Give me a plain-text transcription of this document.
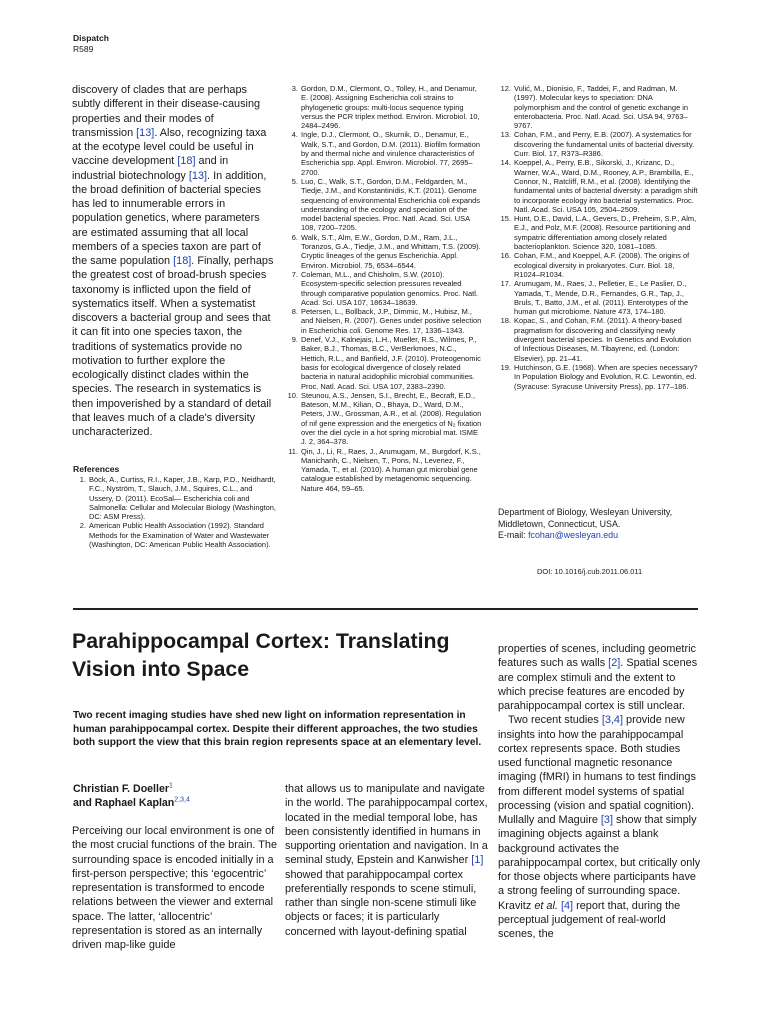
Dispatch
R589

discovery of clades that are perhaps subtly different in their disease-causing properties and their modes of transmission [13]. Also, recognizing taxa at the ecotype level could be useful in vaccine development [18] and in industrial biotechnology [13]. In addition, the broad definition of bacterial species has led to innumerable errors in population genetics, where parameters are estimated assuming that all local members of a species taxon are part of the same population [18]. Finally, perhaps the greatest cost of broad-brush species taxonomy is inflicted upon the field of systematics itself. When a systematist discovers a bacterial group and sees that it can fit into one species taxon, the traditions of systematics provide no motivation to further explore the ecologically distinct clades within the species. The research in systematics is then impoverished by a standard of detail that leaves much of a clade's diversity uncharacterized.

References
1. Böck, A., Curtiss, R.I., Kaper, J.B., Karp, P.D., Neidhardt, F.C., Nyström, T., Slauch, J.M., Squires, C.L., and Ussery, D. (2011). EcoSal— Escherichia coli and Salmonella: Cellular and Molecular Biology (Washington, DC: ASM Press).
2. American Public Health Association (1992). Standard Methods for the Examination of Water and Wastewater (Washington, DC: American Public Health Association).
3. Gordon, D.M., Clermont, O., Tolley, H., and Denamur, E. (2008). Assigning Escherichia coli strains to phylogenetic groups: multi-locus sequence typing versus the PCR triplex method. Environ. Microbiol. 10, 2484–2496.
4. Ingle, D.J., Clermont, O., Skurnik, D., Denamur, E., Walk, S.T., and Gordon, D.M. (2011). Biofilm formation by and thermal niche and virulence characteristics of Escherichia spp. Appl. Environ. Microbiol. 77, 2695–2700.
5. Luo, C., Walk, S.T., Gordon, D.M., Feldgarden, M., Tiedje, J.M., and Konstantinidis, K.T. (2011). Genome sequencing of environmental Escherichia coli expands understanding of the ecology and speciation of the model bacterial species. Proc. Natl. Acad. Sci. USA 108, 7200–7205.
6. Walk, S.T., Alm, E.W., Gordon, D.M., Ram, J.L., Toranzos, G.A., Tiedje, J.M., and Whittam, T.S. (2009). Cryptic lineages of the genus Escherichia. Appl. Environ. Microbiol. 75, 6534–6544.
7. Coleman, M.L., and Chisholm, S.W. (2010). Ecosystem-specific selection pressures revealed through comparative population genomics. Proc. Natl. Acad. Sci. USA 107, 18634–18639.
8. Petersen, L., Bollback, J.P., Dimmic, M., Hubisz, M., and Nielsen, R. (2007). Genes under positive selection in Escherichia coli. Genome Res. 17, 1336–1343.
9. Denef, V.J., Kalnejais, L.H., Mueller, R.S., Wilmes, P., Baker, B.J., Thomas, B.C., VerBerkmoes, N.C., Hettich, R.L., and Banfield, J.F. (2010). Proteogenomic basis for ecological divergence of closely related bacteria in natural acidophilic microbial communities. Proc. Natl. Acad. Sci. USA 107, 2383–2390.
10. Steunou, A.S., Jensen, S.I., Brecht, E., Becraft, E.D., Bateson, M.M., Kilian, O., Bhaya, D., Ward, D.M., Peters, J.W., Grossman, A.R., et al. (2008). Regulation of nif gene expression and the energetics of N₂ fixation over the diel cycle in a hot spring microbial mat. ISME J. 2, 364–378.
11. Qin, J., Li, R., Raes, J., Arumugam, M., Burgdorf, K.S., Manichanh, C., Nielsen, T., Pons, N., Levenez, F., Yamada, T., et al. (2010). A human gut microbial gene catalogue established by metagenomic sequencing. Nature 464, 59–65.
12. Vulić, M., Dionisio, F., Taddei, F., and Radman, M. (1997). Molecular keys to speciation: DNA polymorphism and the control of genetic exchange in enterobacteria. Proc. Natl. Acad. Sci. USA 94, 9763–9767.
13. Cohan, F.M., and Perry, E.B. (2007). A systematics for discovering the fundamental units of bacterial diversity. Curr. Biol. 17, R373–R386.
14. Koeppel, A., Perry, E.B., Sikorski, J., Krizanc, D., Warner, W.A., Ward, D.M., Rooney, A.P., Brambilla, E., Connor, N., Ratcliff, R.M., et al. (2008). Identifying the fundamental units of bacterial diversity: a paradigm shift to incorporate ecology into bacterial systematics. Proc. Natl. Acad. Sci. USA 105, 2504–2509.
15. Hunt, D.E., David, L.A., Gevers, D., Preheim, S.P., Alm, E.J., and Polz, M.F. (2008). Resource partitioning and sympatric differentiation among closely related bacterioplankton. Science 320, 1081–1085.
16. Cohan, F.M., and Koeppel, A.F. (2008). The origins of ecological diversity in prokaryotes. Curr. Biol. 18, R1024–R1034.
17. Arumugam, M., Raes, J., Pelletier, E., Le Paslier, D., Yamada, T., Mende, D.R., Fernandes, G.R., Tap, J., Bruls, T., Batto, J.M., et al. (2011). Enterotypes of the human gut microbiome. Nature 473, 174–180.
18. Kopac, S., and Cohan, F.M. (2011). A theory-based pragmatism for discovering and classifying newly divergent bacterial species. In Genetics and Evolution of Infectious Diseases, M. Tibayrenc, ed. (London: Elsevier), pp. 21–41.
19. Hutchinson, G.E. (1968). When are species necessary? In Population Biology and Evolution, R.C. Lewontin, ed. (Syracuse: Syracuse University Press), pp. 177–186.
Department of Biology, Wesleyan University,
Middletown, Connecticut, USA.
E-mail: fcohan@wesleyan.edu
DOI: 10.1016/j.cub.2011.06.011
Parahippocampal Cortex: Translating Vision into Space
Two recent imaging studies have shed new light on information representation in human parahippocampal cortex. Despite their different approaches, the two studies both support the view that this brain region represents space at an elementary level.
Christian F. Doeller$^1$
and Raphael Kaplan$^{2,3,4}$

Perceiving our local environment is one of the most crucial functions of the brain. The surrounding space is encoded initially in a first-person perspective; this ‘egocentric’ representation is transformed to encode relations between the viewer and external space. The latter, ‘allocentric’ representation is stored as an internally driven map-like guide

that allows us to manipulate and navigate in the world. The parahippocampal cortex, located in the medial temporal lobe, has been consistently identified in humans in supporting orientation and navigation. In a seminal study, Epstein and Kanwisher [1] showed that parahippocampal cortex preferentially responds to scene stimuli, rather than single non-scene stimuli like objects or faces; it is particularly concerned with layout-defining spatial

properties of scenes, including geometric features such as walls [2]. Spatial scenes are complex stimuli and the extent to which precise features are encoded by parahippocampal cortex is still unclear.

Two recent studies [3,4] provide new insights into how the parahippocampal cortex represents space. Both studies used functional magnetic resonance imaging (fMRI) in humans to test findings from different model systems of spatial processing (vision and spatial cognition). Mullally and Maguire [3] show that simply imagining objects against a blank background activates the parahippocampal cortex, but critically only for those objects where participants have a strong feeling of surrounding space. Kravitz et al. [4] report that, during the perceptual judgement of real-world scenes, the
